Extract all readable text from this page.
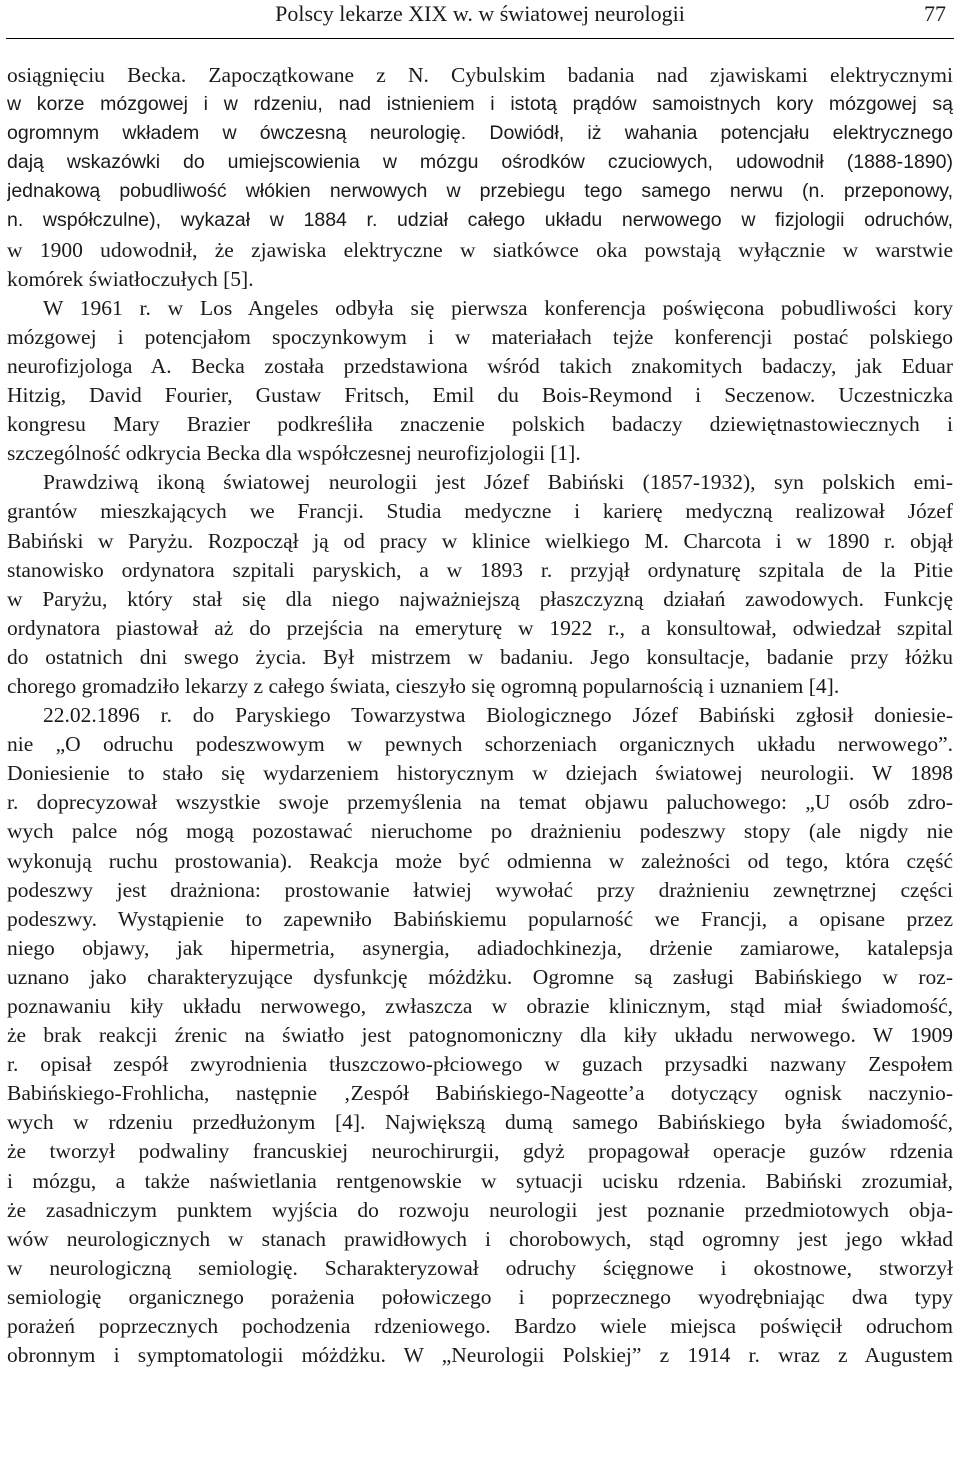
Polscy lekarze XIX w. w światowej neurologii	77
osiągnięciu Becka. Zapoczątkowane z N. Cybulskim badania nad zjawiskami elektrycznymi
w korze mózgowej i w rdzeniu, nad istnieniem i istotą prądów samoistnych kory mózgowej są
ogromnym wkładem w ówczesną neurologię. Dowiódł, iż wahania potencjału elektrycznego
dają wskazówki do umiejscowienia w mózgu ośrodków czuciowych, udowodnił (1888-1890)
jednakową pobudliwość włókien nerwowych w przebiegu tego samego nerwu (n. przeponowy,
n. współczulne), wykazał w 1884 r. udział całego układu nerwowego w fizjologii odruchów,
w 1900 udowodnił, że zjawiska elektryczne w siatkówce oka powstają wyłącznie w warstwie
komórek światłoczułych [5].
W 1961 r. w Los Angeles odbyła się pierwsza konferencja poświęcona pobudliwości kory
mózgowej i potencjałom spoczynkowym i w materiałach tejże konferencji postać polskiego
neurofizjologa A. Becka została przedstawiona wśród takich znakomitych badaczy, jak Eduar
Hitzig, David Fourier, Gustaw Fritsch, Emil du Bois-Reymond i Seczenow. Uczestniczka
kongresu Mary Brazier podkreśliła znaczenie polskich badaczy dziewiętnastowiecznych i
szczególność odkrycia Becka dla współczesnej neurofizjologii [1].
Prawdziwą ikoną światowej neurologii jest Józef Babiński (1857-1932), syn polskich emi-
grantów mieszkających we Francji. Studia medyczne i karierę medyczną realizował Józef
Babiński w Paryżu. Rozpoczął ją od pracy w klinice wielkiego M. Charcota i w 1890 r. objął
stanowisko ordynatora szpitali paryskich, a w 1893 r. przyjął ordynaturę szpitala de la Pitie
w Paryżu, który stał się dla niego najważniejszą płaszczyzną działań zawodowych. Funkcję
ordynatora piastował aż do przejścia na emeryturę w 1922 r., a konsultował, odwiedzał szpital
do ostatnich dni swego życia. Był mistrzem w badaniu. Jego konsultacje, badanie przy łóżku
chorego gromadziło lekarzy z całego świata, cieszyło się ogromną popularnością i uznaniem [4].
22.02.1896 r. do Paryskiego Towarzystwa Biologicznego Józef Babiński zgłosił doniesie-
nie „O odruchu podeszwowym w pewnych schorzeniach organicznych układu nerwowego”.
Doniesienie to stało się wydarzeniem historycznym w dziejach światowej neurologii. W 1898
r. doprecyzował wszystkie swoje przemyślenia na temat objawu paluchowego: „U osób zdro-
wych palce nóg mogą pozostawać nieruchome po drażnieniu podeszwy stopy (ale nigdy nie
wykonują ruchu prostowania). Reakcja może być odmienna w zależności od tego, która część
podeszwy jest drażniona: prostowanie łatwiej wywołać przy drażnieniu zewnętrznej części
podeszwy. Wystąpienie to zapewniło Babińskiemu popularność we Francji, a opisane przez
niego objawy, jak hipermetria, asynergia, adiadochkinezja, drżenie zamiarowe, katalepsja
uznano jako charakteryzujące dysfunkcję móżdżku. Ogromne są zasługi Babińskiego w roz-
poznawaniu kiły układu nerwowego, zwłaszcza w obrazie klinicznym, stąd miał świadomość,
że brak reakcji źrenic na światło jest patognomoniczny dla kiły układu nerwowego. W 1909
r. opisał zespół zwyrodnienia tłuszczowo-płciowego w guzach przysadki nazwany Zespołem
Babińskiego-Frohlicha, następnie ‚Zespół Babińskiego-Nageotte’a dotyczący ognisk naczynio-
wych w rdzeniu przedłużonym [4]. Największą dumą samego Babińskiego była świadomość,
że tworzył podwaliny francuskiej neurochirurgii, gdyż propagował operacje guzów rdzenia
i mózgu, a także naświetlania rentgenowskie w sytuacji ucisku rdzenia. Babiński zrozumiał,
że zasadniczym punktem wyjścia do rozwoju neurologii jest poznanie przedmiotowych obja-
wów neurologicznych w stanach prawidłowych i chorobowych, stąd ogromny jest jego wkład
w neurologiczną semiologię. Scharakteryzował odruchy ścięgnowe i okostnowe, stworzył
semiologię organicznego porażenia połowiczego i poprzecznego wyodrębniając dwa typy
porażeń poprzecznych pochodzenia rdzeniowego. Bardzo wiele miejsca poświęcił odruchom
obronnym i symptomatologii móżdżku. W „Neurologii Polskiej” z 1914 r. wraz z Augustem
